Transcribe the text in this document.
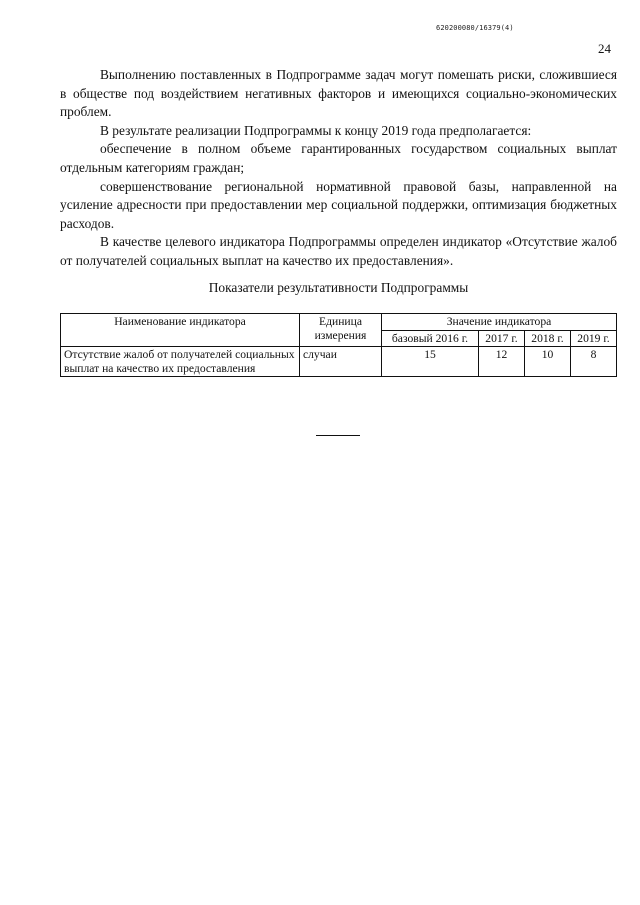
620200080/16379(4)
24

Выполнению поставленных в Подпрограмме задач могут помешать риски, сложившиеся в обществе под воздействием негативных факторов и имеющихся социально-экономических проблем.

В результате реализации Подпрограммы к концу 2019 года предполагается:

обеспечение в полном объеме гарантированных государством социальных выплат отдельным категориям граждан;

совершенствование региональной нормативной правовой базы, направленной на усиление адресности при предоставлении мер социальной поддержки, оптимизация бюджетных расходов.

В качестве целевого индикатора Подпрограммы определен индикатор «Отсутствие жалоб от получателей социальных выплат на качество их предоставления».

Показатели результативности Подпрограммы
Наименование индикатора	Единица измерения	Значение индикатора			
		базовый 2016 г.	2017 г.	2018 г.	2019 г.
Отсутствие жалоб от получателей социальных выплат на качество их предоставления	случаи	15	12	10	8
